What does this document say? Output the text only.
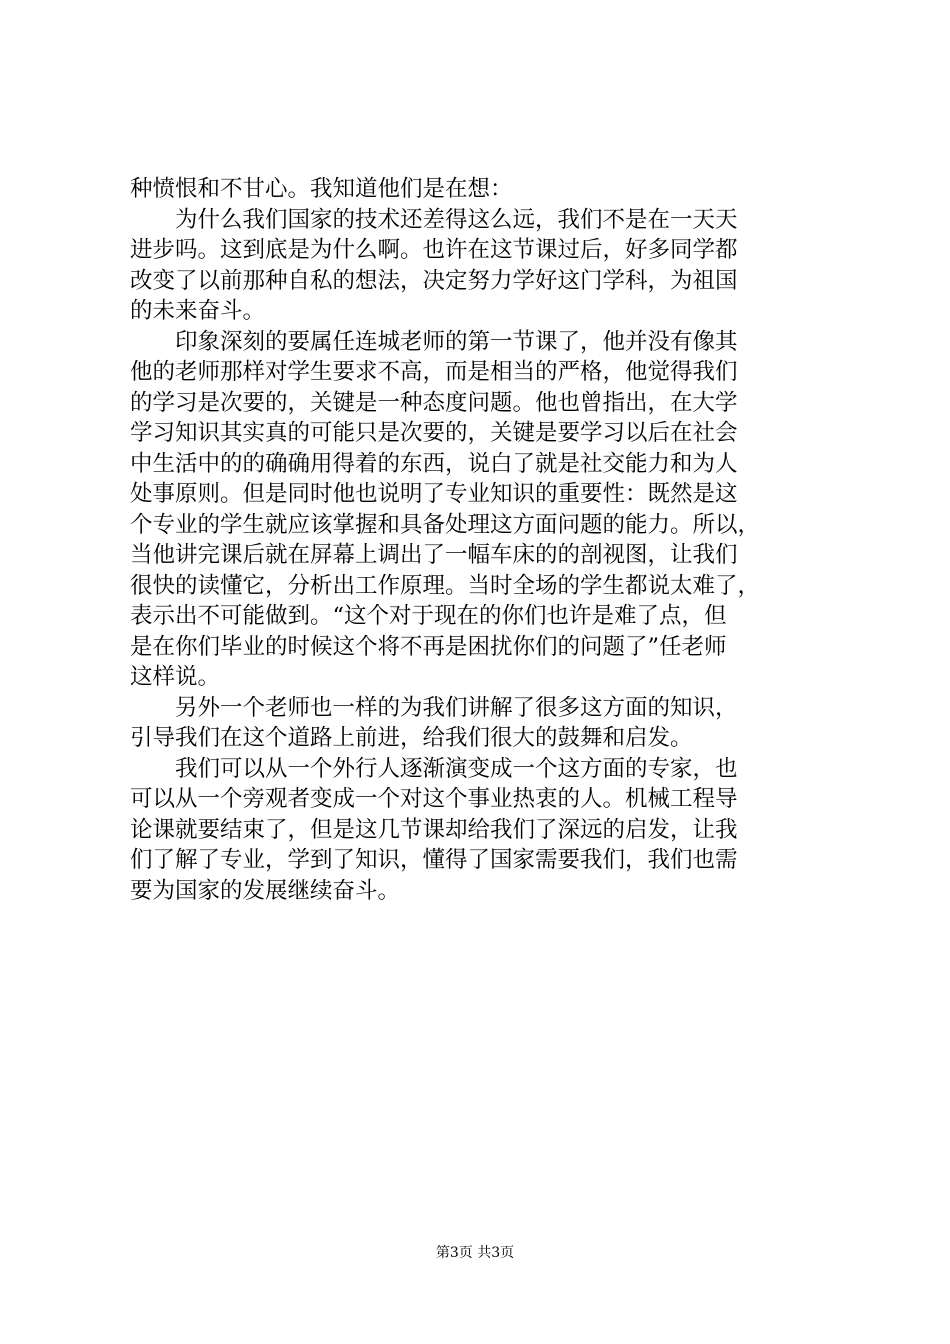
种愤恨和不甘心。我知道他们是在想：
　　为什么我们国家的技术还差得这么远，我们不是在一天天
进步吗。这到底是为什么啊。也许在这节课过后，好多同学都
改变了以前那种自私的想法，决定努力学好这门学科，为祖国
的未来奋斗。
　　印象深刻的要属任连城老师的第一节课了，他并没有像其
他的老师那样对学生要求不高，而是相当的严格，他觉得我们
的学习是次要的，关键是一种态度问题。他也曾指出，在大学
学习知识其实真的可能只是次要的，关键是要学习以后在社会
中生活中的的确确用得着的东西，说白了就是社交能力和为人
处事原则。但是同时他也说明了专业知识的重要性：既然是这
个专业的学生就应该掌握和具备处理这方面问题的能力。所以，
当他讲完课后就在屏幕上调出了一幅车床的的剖视图，让我们
很快的读懂它，分析出工作原理。当时全场的学生都说太难了，
表示出不可能做到。“这个对于现在的你们也许是难了点，但
是在你们毕业的时候这个将不再是困扰你们的问题了”任老师
这样说。
　　另外一个老师也一样的为我们讲解了很多这方面的知识，
引导我们在这个道路上前进，给我们很大的鼓舞和启发。
　　我们可以从一个外行人逐渐演变成一个这方面的专家，也
可以从一个旁观者变成一个对这个事业热衷的人。机械工程导
论课就要结束了，但是这几节课却给我们了深远的启发，让我
们了解了专业，学到了知识，懂得了国家需要我们，我们也需
要为国家的发展继续奋斗。
第3页 共3页
